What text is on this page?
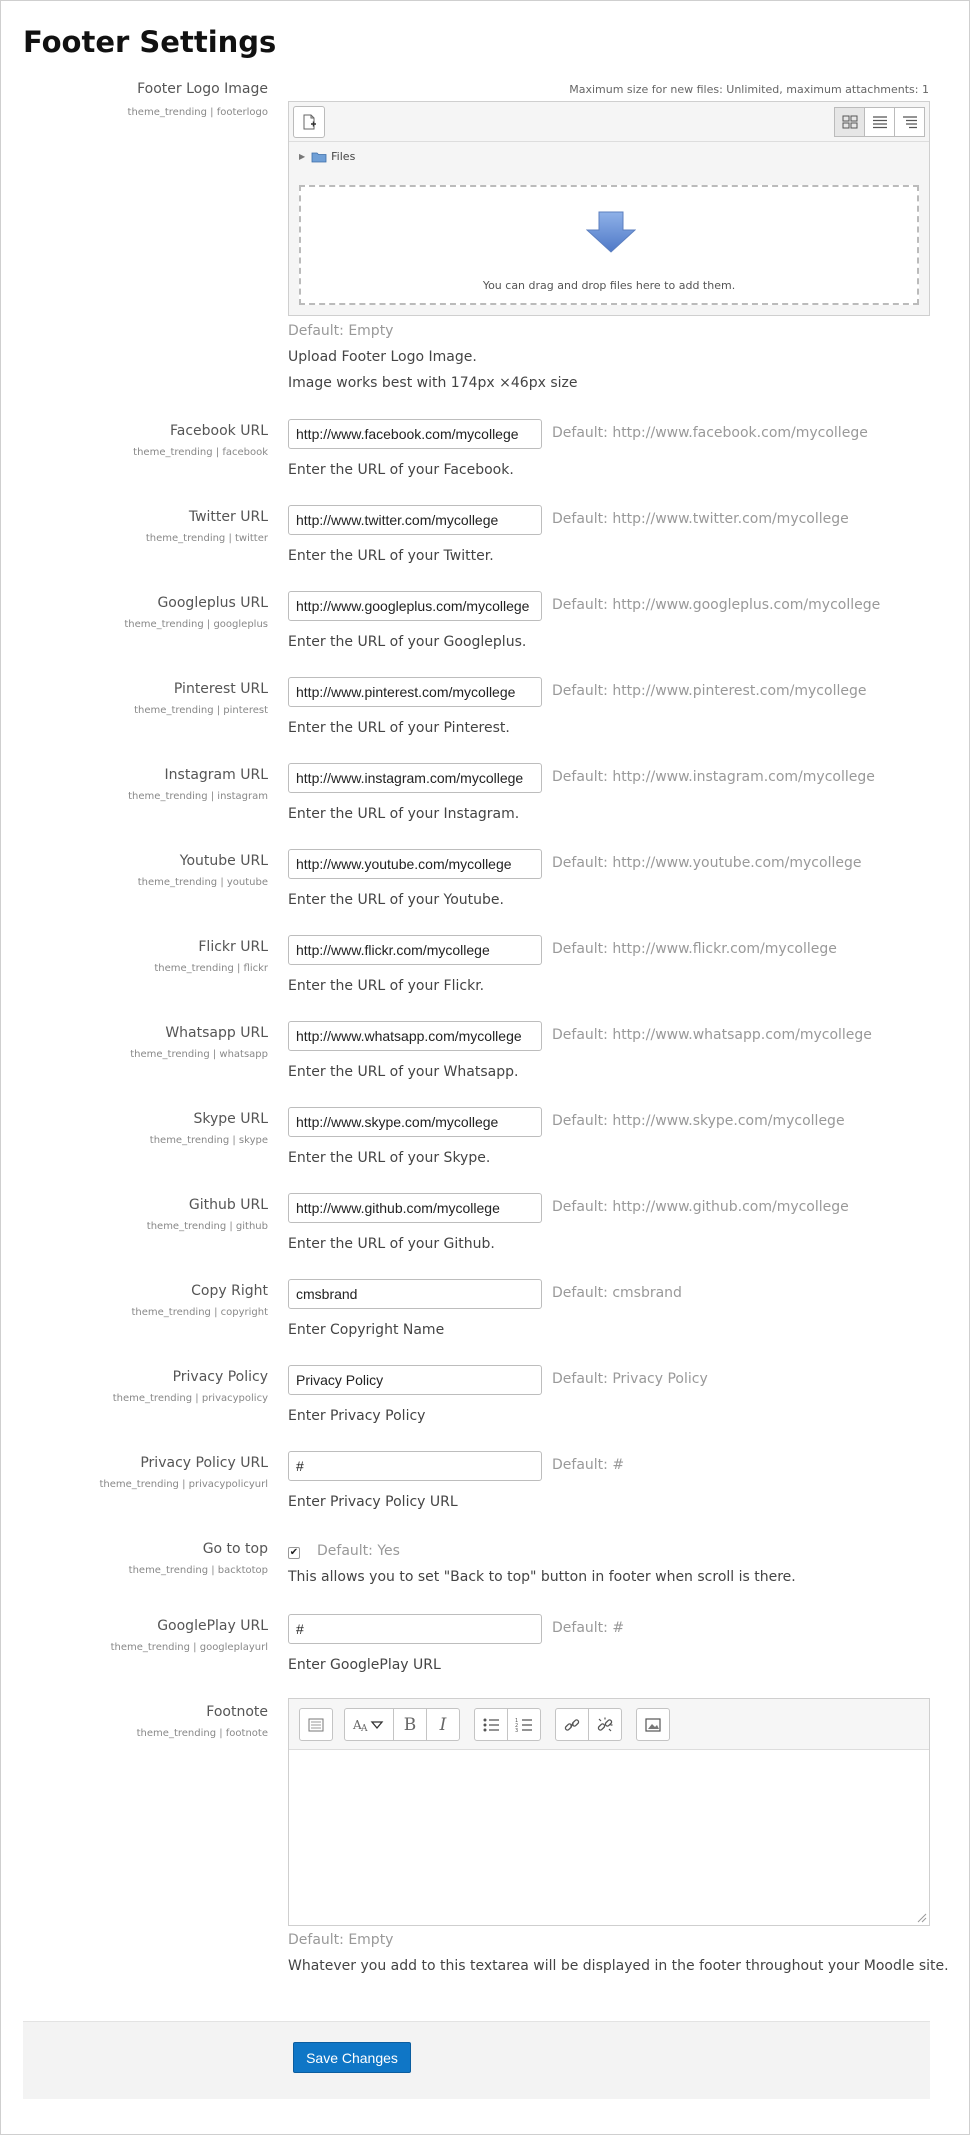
Footer Settings
Footer Logo Image
theme_trending | footerlogo
Maximum size for new files: Unlimited, maximum attachments: 1
▶ Files
You can drag and drop files here to add them.
Default: Empty
Upload Footer Logo Image.
Image works best with 174px ×46px size
Facebook URL
theme_trending | facebook
http://www.facebook.com/mycollege	Default: http://www.facebook.com/mycollege
Enter the URL of your Facebook.
Twitter URL
theme_trending | twitter
http://www.twitter.com/mycollege	Default: http://www.twitter.com/mycollege
Enter the URL of your Twitter.
Googleplus URL
theme_trending | googleplus
http://www.googleplus.com/mycollege	Default: http://www.googleplus.com/mycollege
Enter the URL of your Googleplus.
Pinterest URL
theme_trending | pinterest
http://www.pinterest.com/mycollege	Default: http://www.pinterest.com/mycollege
Enter the URL of your Pinterest.
Instagram URL
theme_trending | instagram
http://www.instagram.com/mycollege	Default: http://www.instagram.com/mycollege
Enter the URL of your Instagram.
Youtube URL
theme_trending | youtube
http://www.youtube.com/mycollege	Default: http://www.youtube.com/mycollege
Enter the URL of your Youtube.
Flickr URL
theme_trending | flickr
http://www.flickr.com/mycollege	Default: http://www.flickr.com/mycollege
Enter the URL of your Flickr.
Whatsapp URL
theme_trending | whatsapp
http://www.whatsapp.com/mycollege	Default: http://www.whatsapp.com/mycollege
Enter the URL of your Whatsapp.
Skype URL
theme_trending | skype
http://www.skype.com/mycollege	Default: http://www.skype.com/mycollege
Enter the URL of your Skype.
Github URL
theme_trending | github
http://www.github.com/mycollege	Default: http://www.github.com/mycollege
Enter the URL of your Github.
Copy Right
theme_trending | copyright
cmsbrand	Default: cmsbrand
Enter Copyright Name
Privacy Policy
theme_trending | privacypolicy
Privacy Policy	Default: Privacy Policy
Enter Privacy Policy
Privacy Policy URL
theme_trending | privacypolicyurl
#	Default: #
Enter Privacy Policy URL
Go to top
theme_trending | backtotop
✔ Default: Yes
This allows you to set "Back to top" button in footer when scroll is there.
GooglePlay URL
theme_trending | googleplayurl
#	Default: #
Enter GooglePlay URL
Footnote
theme_trending | footnote
A A	B	I	1
2
3
Default: Empty
Whatever you add to this textarea will be displayed in the footer throughout your Moodle site.
Save Changes
